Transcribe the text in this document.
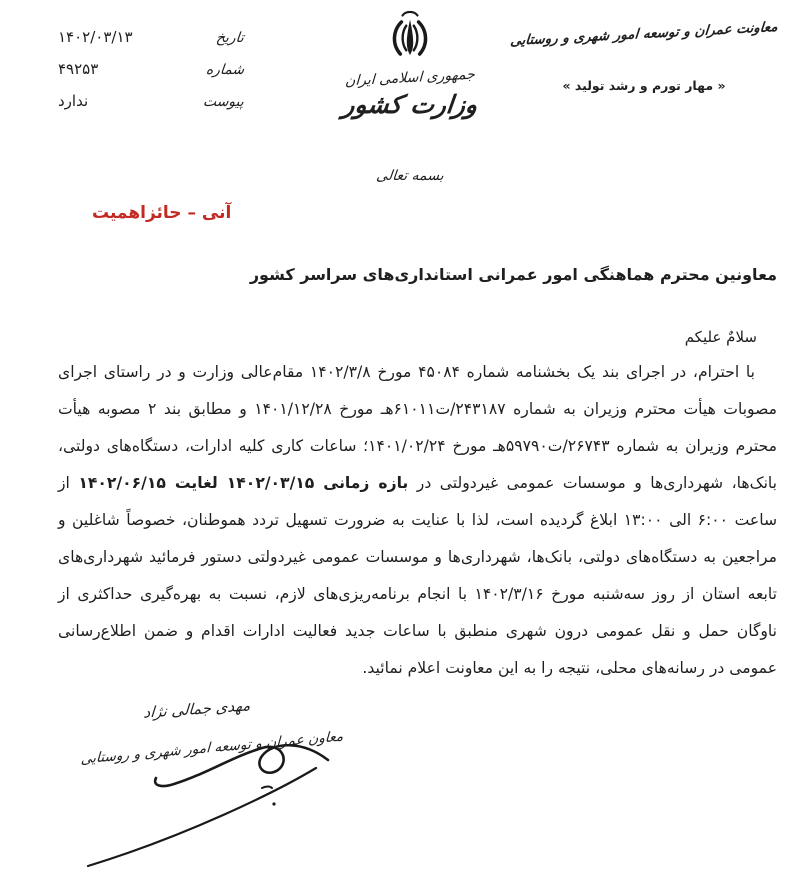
تاریخ
۱۴۰۲/۰۳/۱۳
شماره
۴۹۲۵۳
پیوست
ندارد
جمهوری اسلامی ایران
وزارت کشور
بسمه تعالی
معاونت عمران و توسعه امور شهری و روستایی
« مهار تورم و رشد تولید »
آنی – حائزاهمیت
معاونین محترم هماهنگی امور عمرانی استانداری‌های سراسر کشور
سلامٌ علیکم

با احترام، در اجرای بند یک بخشنامه شماره ۴۵۰۸۴ مورخ ۱۴۰۲/۳/۸ مقام‌عالی وزارت و در راستای اجرای مصوبات هیأت محترم وزیران به شماره ۲۴۳۱۸۷/ت۶۱۰۱۱هـ مورخ ۱۴۰۱/۱۲/۲۸ و مطابق بند ۲ مصوبه هیأت محترم وزیران به شماره ۲۶۷۴۳/ت۵۹۷۹۰هـ مورخ ۱۴۰۱/۰۲/۲۴؛ ساعات کاری کلیه ادارات، دستگاه‌های دولتی، بانک‌ها، شهرداری‌ها و موسسات عمومی غیردولتی در بازه زمانی ۱۴۰۲/۰۳/۱۵ لغایت ۱۴۰۲/۰۶/۱۵ از ساعت ۶:۰۰ الی ۱۳:۰۰ ابلاغ گردیده است، لذا با عنایت به ضرورت تسهیل تردد هموطنان، خصوصاً شاغلین و مراجعین به دستگاه‌های دولتی، بانک‌ها، شهرداری‌ها و موسسات عمومی غیردولتی دستور فرمائید شهرداری‌های تابعه استان از روز سه‌شنبه مورخ ۱۴۰۲/۳/۱۶ با انجام برنامه‌ریزی‌های لازم، نسبت به بهره‌گیری حداکثری از ناوگان حمل و نقل عمومی درون شهری منطبق با ساعات جدید فعالیت ادارات اقدام و ضمن اطلاع‌رسانی عمومی در رسانه‌های محلی، نتیجه را به این معاونت اعلام نمائید.

مهدی جمالی نژاد
معاون عمران و توسعه امور شهری و روستایی
